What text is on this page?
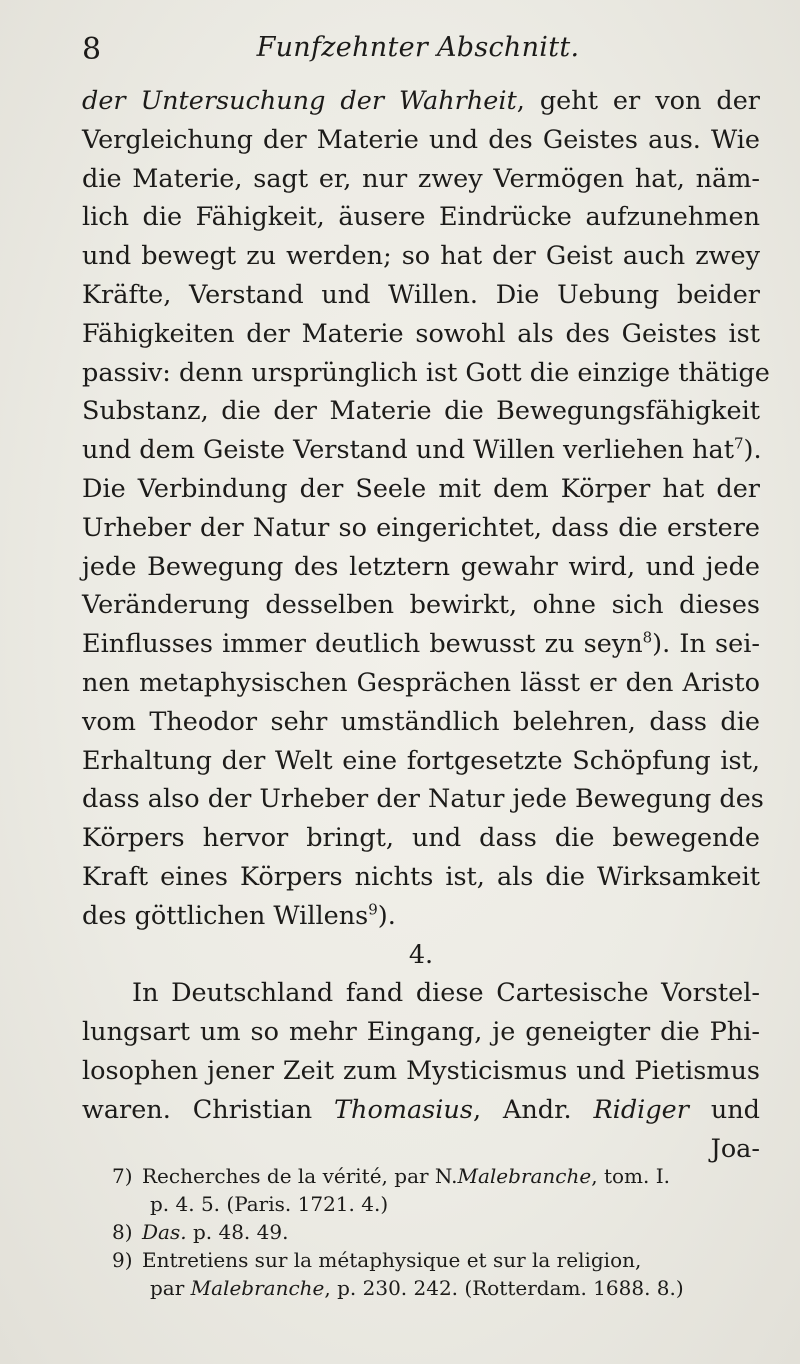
8	Funfzehnter Abschnitt.
der Untersuchung der Wahrheit, geht er von der
Vergleichung der Materie und des Geistes aus. Wie
die Materie, sagt er, nur zwey Vermögen hat, näm-
lich die Fähigkeit, äusere Eindrücke aufzunehmen
und bewegt zu werden; so hat der Geist auch zwey
Kräfte, Verstand und Willen. Die Uebung beider
Fähigkeiten der Materie sowohl als des Geistes ist
passiv: denn ursprünglich ist Gott die einzige thätige
Substanz, die der Materie die Bewegungsfähigkeit
und dem Geiste Verstand und Willen verliehen hat$^7$).
Die Verbindung der Seele mit dem Körper hat der
Urheber der Natur so eingerichtet, dass die erstere
jede Bewegung des letztern gewahr wird, und jede
Veränderung desselben bewirkt, ohne sich dieses
Einflusses immer deutlich bewusst zu seyn$^8$). In sei-
nen metaphysischen Gesprächen lässt er den Aristo
vom Theodor sehr umständlich belehren, dass die
Erhaltung der Welt eine fortgesetzte Schöpfung ist,
dass also der Urheber der Natur jede Bewegung des
Körpers hervor bringt, und dass die bewegende
Kraft eines Körpers nichts ist, als die Wirksamkeit
des göttlichen Willens$^9$).
4.
In Deutschland fand diese Cartesische Vorstel-
lungsart um so mehr Eingang, je geneigter die Phi-
losophen jener Zeit zum Mysticismus und Pietismus
waren. Christian Thomasius, Andr. Ridiger und
Joa-
7) Recherches de la vérité, par N.Malebranche, tom. I.
p. 4. 5. (Paris. 1721. 4.)
8) Das. p. 48. 49.
9) Entretiens sur la métaphysique et sur la religion,
par Malebranche, p. 230. 242. (Rotterdam. 1688. 8.)
